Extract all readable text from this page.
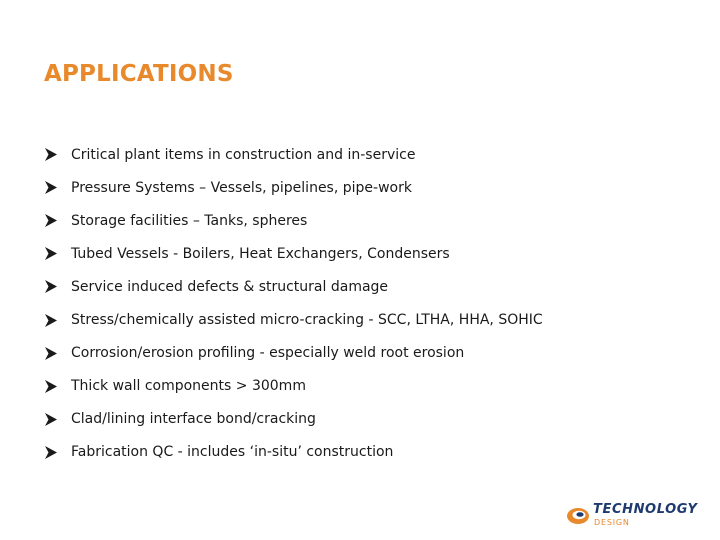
APPLICATIONS
Critical plant items in construction and in-service
Pressure Systems – Vessels, pipelines, pipe-work
Storage facilities – Tanks, spheres
Tubed Vessels - Boilers, Heat Exchangers, Condensers
Service induced defects & structural damage
Stress/chemically assisted micro-cracking - SCC, LTHA, HHA, SOHIC
Corrosion/erosion profiling - especially weld root erosion
Thick wall components > 300mm
Clad/lining interface bond/cracking
Fabrication QC - includes ‘in-situ’ construction
TECHNOLOGY
DESIGN
